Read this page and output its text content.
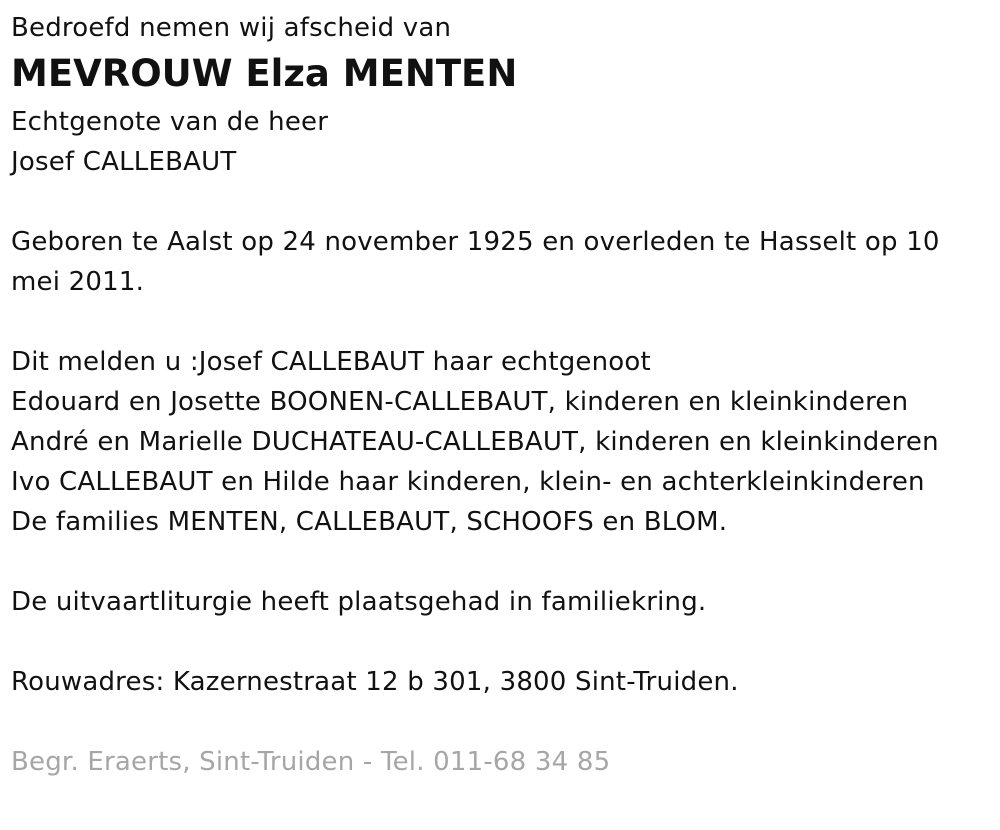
Bedroefd nemen wij afscheid van
MEVROUW Elza MENTEN
Echtgenote van de heer
Josef CALLEBAUT
Geboren te Aalst op 24 november 1925 en overleden te Hasselt op 10 mei 2011.
Dit melden u :Josef CALLEBAUT haar echtgenoot
Edouard en Josette BOONEN-CALLEBAUT, kinderen en kleinkinderen
André en Marielle DUCHATEAU-CALLEBAUT, kinderen en kleinkinderen
Ivo CALLEBAUT en Hilde haar kinderen, klein- en achterkleinkinderen
De families MENTEN, CALLEBAUT, SCHOOFS en BLOM.
De uitvaartliturgie heeft plaatsgehad in familiekring.
Rouwadres: Kazernestraat 12 b 301, 3800 Sint-Truiden.
Begr. Eraerts, Sint-Truiden - Tel. 011-68 34 85
